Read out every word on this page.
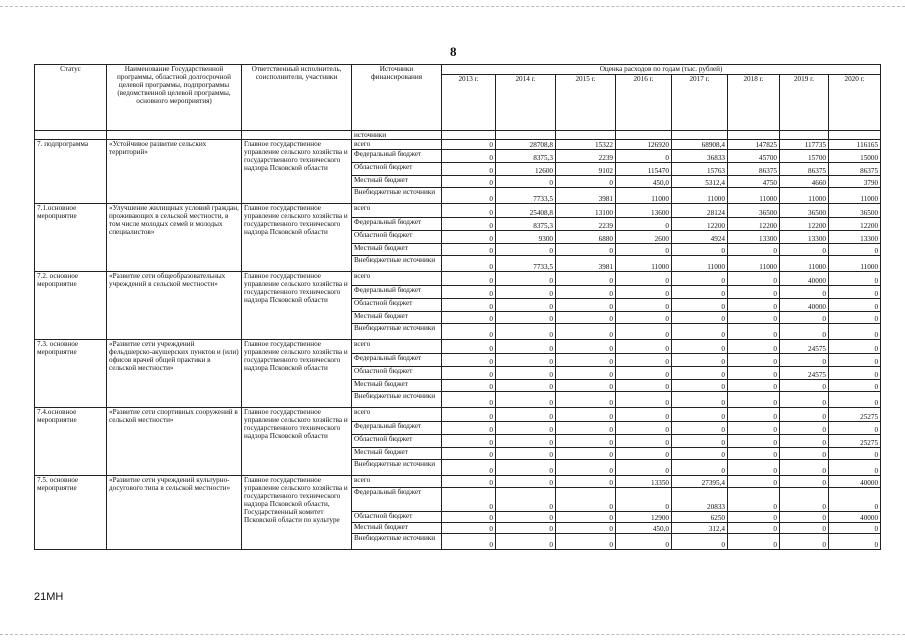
8
Статус	Наименование Государственной программы, областной долгосрочной целевой программы, подпрограммы (ведомственной целевой программы, основного мероприятия)	Ответственный исполнитель, соисполнители, участники	Источники финансирования	Оценка расходов по годам (тыс. рублей)							
				2013 г.	2014 г.	2015 г.	2016 г.	2017 г.	2018 г.	2019 г.	2020 г.
			источники								
7. подпрограмма	«Устойчивое развитие сельских территорий»	Главное государственное управление сельского хозяйства и государственного технического надзора Псковской области	всего	0	28708,8	15322	126920	68908,4	147825	117735	116165
			Федеральный бюджет	0	8375,3	2239	0	36833	45700	15700	15000
			Областной бюджет	0	12600	9102	115470	15763	86375	86375	86375
			Местный бюджет	0	0	0	450,0	5312,4	4750	4660	3790
			Внебюджетные источники	0	7733,5	3981	11000	11000	11000	11000	11000
7.1.основное мероприятие	«Улучшение жилищных условий граждан, проживающих в сельской местности, в том числе молодых семей и молодых специалистов»	Главное государственное управление сельского хозяйства и государственного технического надзора Псковской области	всего	0	25408,8	13100	13600	28124	36500	36500	36500
			Федеральный бюджет	0	8375,3	2239	0	12200	12200	12200	12200
			Областной бюджет	0	9300	6880	2600	4924	13300	13300	13300
			Местный бюджет	0	0	0	0	0	0	0	0
			Внебюджетные источники	0	7733,5	3981	11000	11000	11000	11000	11000
7.2. основное мероприятие	«Развитие сети общеобразовательных учреждений в сельской местности»	Главное государственное управление сельского хозяйства и государственного технического надзора Псковской области	всего	0	0	0	0	0	0	40000	0
			Федеральный бюджет	0	0	0	0	0	0	0	0
			Областной бюджет	0	0	0	0	0	0	40000	0
			Местный бюджет	0	0	0	0	0	0	0	0
			Внебюджетные источники	0	0	0	0	0	0	0	0
7.3. основное мероприятие	«Развитие сети учреждений фельдшерско-акушерских пунктов и (или) офисов врачей общей практики в сельской местности»	Главное государственное управление сельского хозяйства и государственного технического надзора Псковской области	всего	0	0	0	0	0	0	24575	0
			Федеральный бюджет	0	0	0	0	0	0	0	0
			Областной бюджет	0	0	0	0	0	0	24575	0
			Местный бюджет	0	0	0	0	0	0	0	0
			Внебюджетные источники	0	0	0	0	0	0	0	0
7.4.основное мероприятие	«Развитие сети спортивных сооружений в сельской местности»	Главное государственное управление сельского хозяйства и государственного технического надзора Псковской области	всего	0	0	0	0	0	0	0	25275
			Федеральный бюджет	0	0	0	0	0	0	0	0
			Областной бюджет	0	0	0	0	0	0	0	25275
			Местный бюджет	0	0	0	0	0	0	0	0
			Внебюджетные источники	0	0	0	0	0	0	0	0
7.5. основное мероприятие	«Развитие сети учреждений культурно-досугового типа в сельской местности»	Главное государственное управление сельского хозяйства и государственного технического надзора Псковской области, Государственный комитет Псковской области по культуре	всего	0	0	0	13350	27395,4	0	0	40000
			Федеральный бюджет	0	0	0	0	20833	0	0	0
			Областной бюджет	0	0	0	12900	6250	0	0	40000
			Местный бюджет	0	0	0	450,0	312,4	0	0	0
			Внебюджетные источники	0	0	0	0	0	0	0	0
21МН
